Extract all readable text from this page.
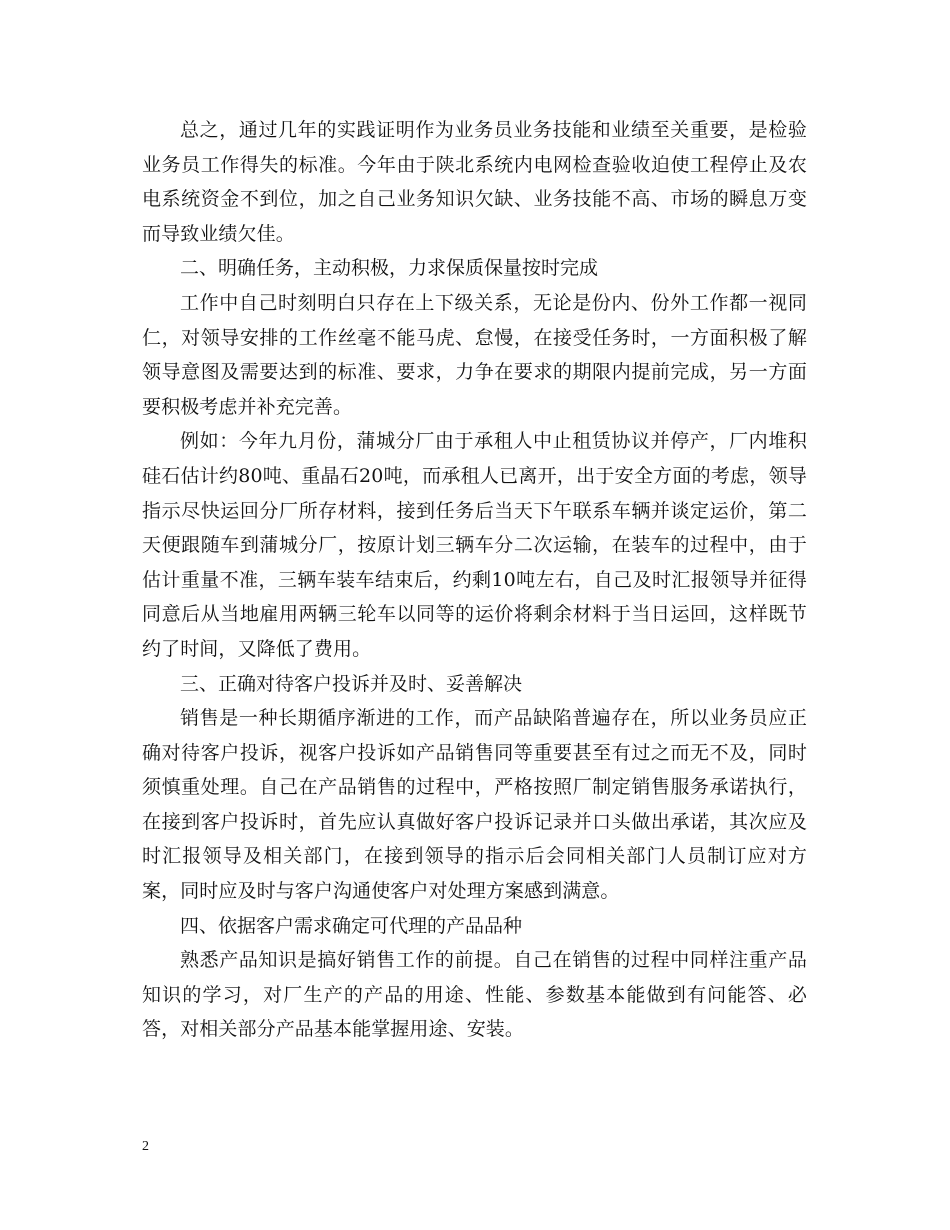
总之，通过几年的实践证明作为业务员业务技能和业绩至关重要，是检验业务员工作得失的标准。今年由于陕北系统内电网检查验收迫使工程停止及农电系统资金不到位，加之自己业务知识欠缺、业务技能不高、市场的瞬息万变而导致业绩欠佳。

二、明确任务，主动积极，力求保质保量按时完成

工作中自己时刻明白只存在上下级关系，无论是份内、份外工作都一视同仁，对领导安排的工作丝毫不能马虎、怠慢，在接受任务时，一方面积极了解领导意图及需要达到的标准、要求，力争在要求的期限内提前完成，另一方面要积极考虑并补充完善。

例如：今年九月份，蒲城分厂由于承租人中止租赁协议并停产，厂内堆积硅石估计约80吨、重晶石20吨，而承租人已离开，出于安全方面的考虑，领导指示尽快运回分厂所存材料，接到任务后当天下午联系车辆并谈定运价，第二天便跟随车到蒲城分厂，按原计划三辆车分二次运输，在装车的过程中，由于估计重量不准，三辆车装车结束后，约剩10吨左右，自己及时汇报领导并征得同意后从当地雇用两辆三轮车以同等的运价将剩余材料于当日运回，这样既节约了时间，又降低了费用。

三、正确对待客户投诉并及时、妥善解决

销售是一种长期循序渐进的工作，而产品缺陷普遍存在，所以业务员应正确对待客户投诉，视客户投诉如产品销售同等重要甚至有过之而无不及，同时须慎重处理。自己在产品销售的过程中，严格按照厂制定销售服务承诺执行，在接到客户投诉时，首先应认真做好客户投诉记录并口头做出承诺，其次应及时汇报领导及相关部门，在接到领导的指示后会同相关部门人员制订应对方案，同时应及时与客户沟通使客户对处理方案感到满意。

四、依据客户需求确定可代理的产品品种

熟悉产品知识是搞好销售工作的前提。自己在销售的过程中同样注重产品知识的学习，对厂生产的产品的用途、性能、参数基本能做到有问能答、必答，对相关部分产品基本能掌握用途、安装。

2
